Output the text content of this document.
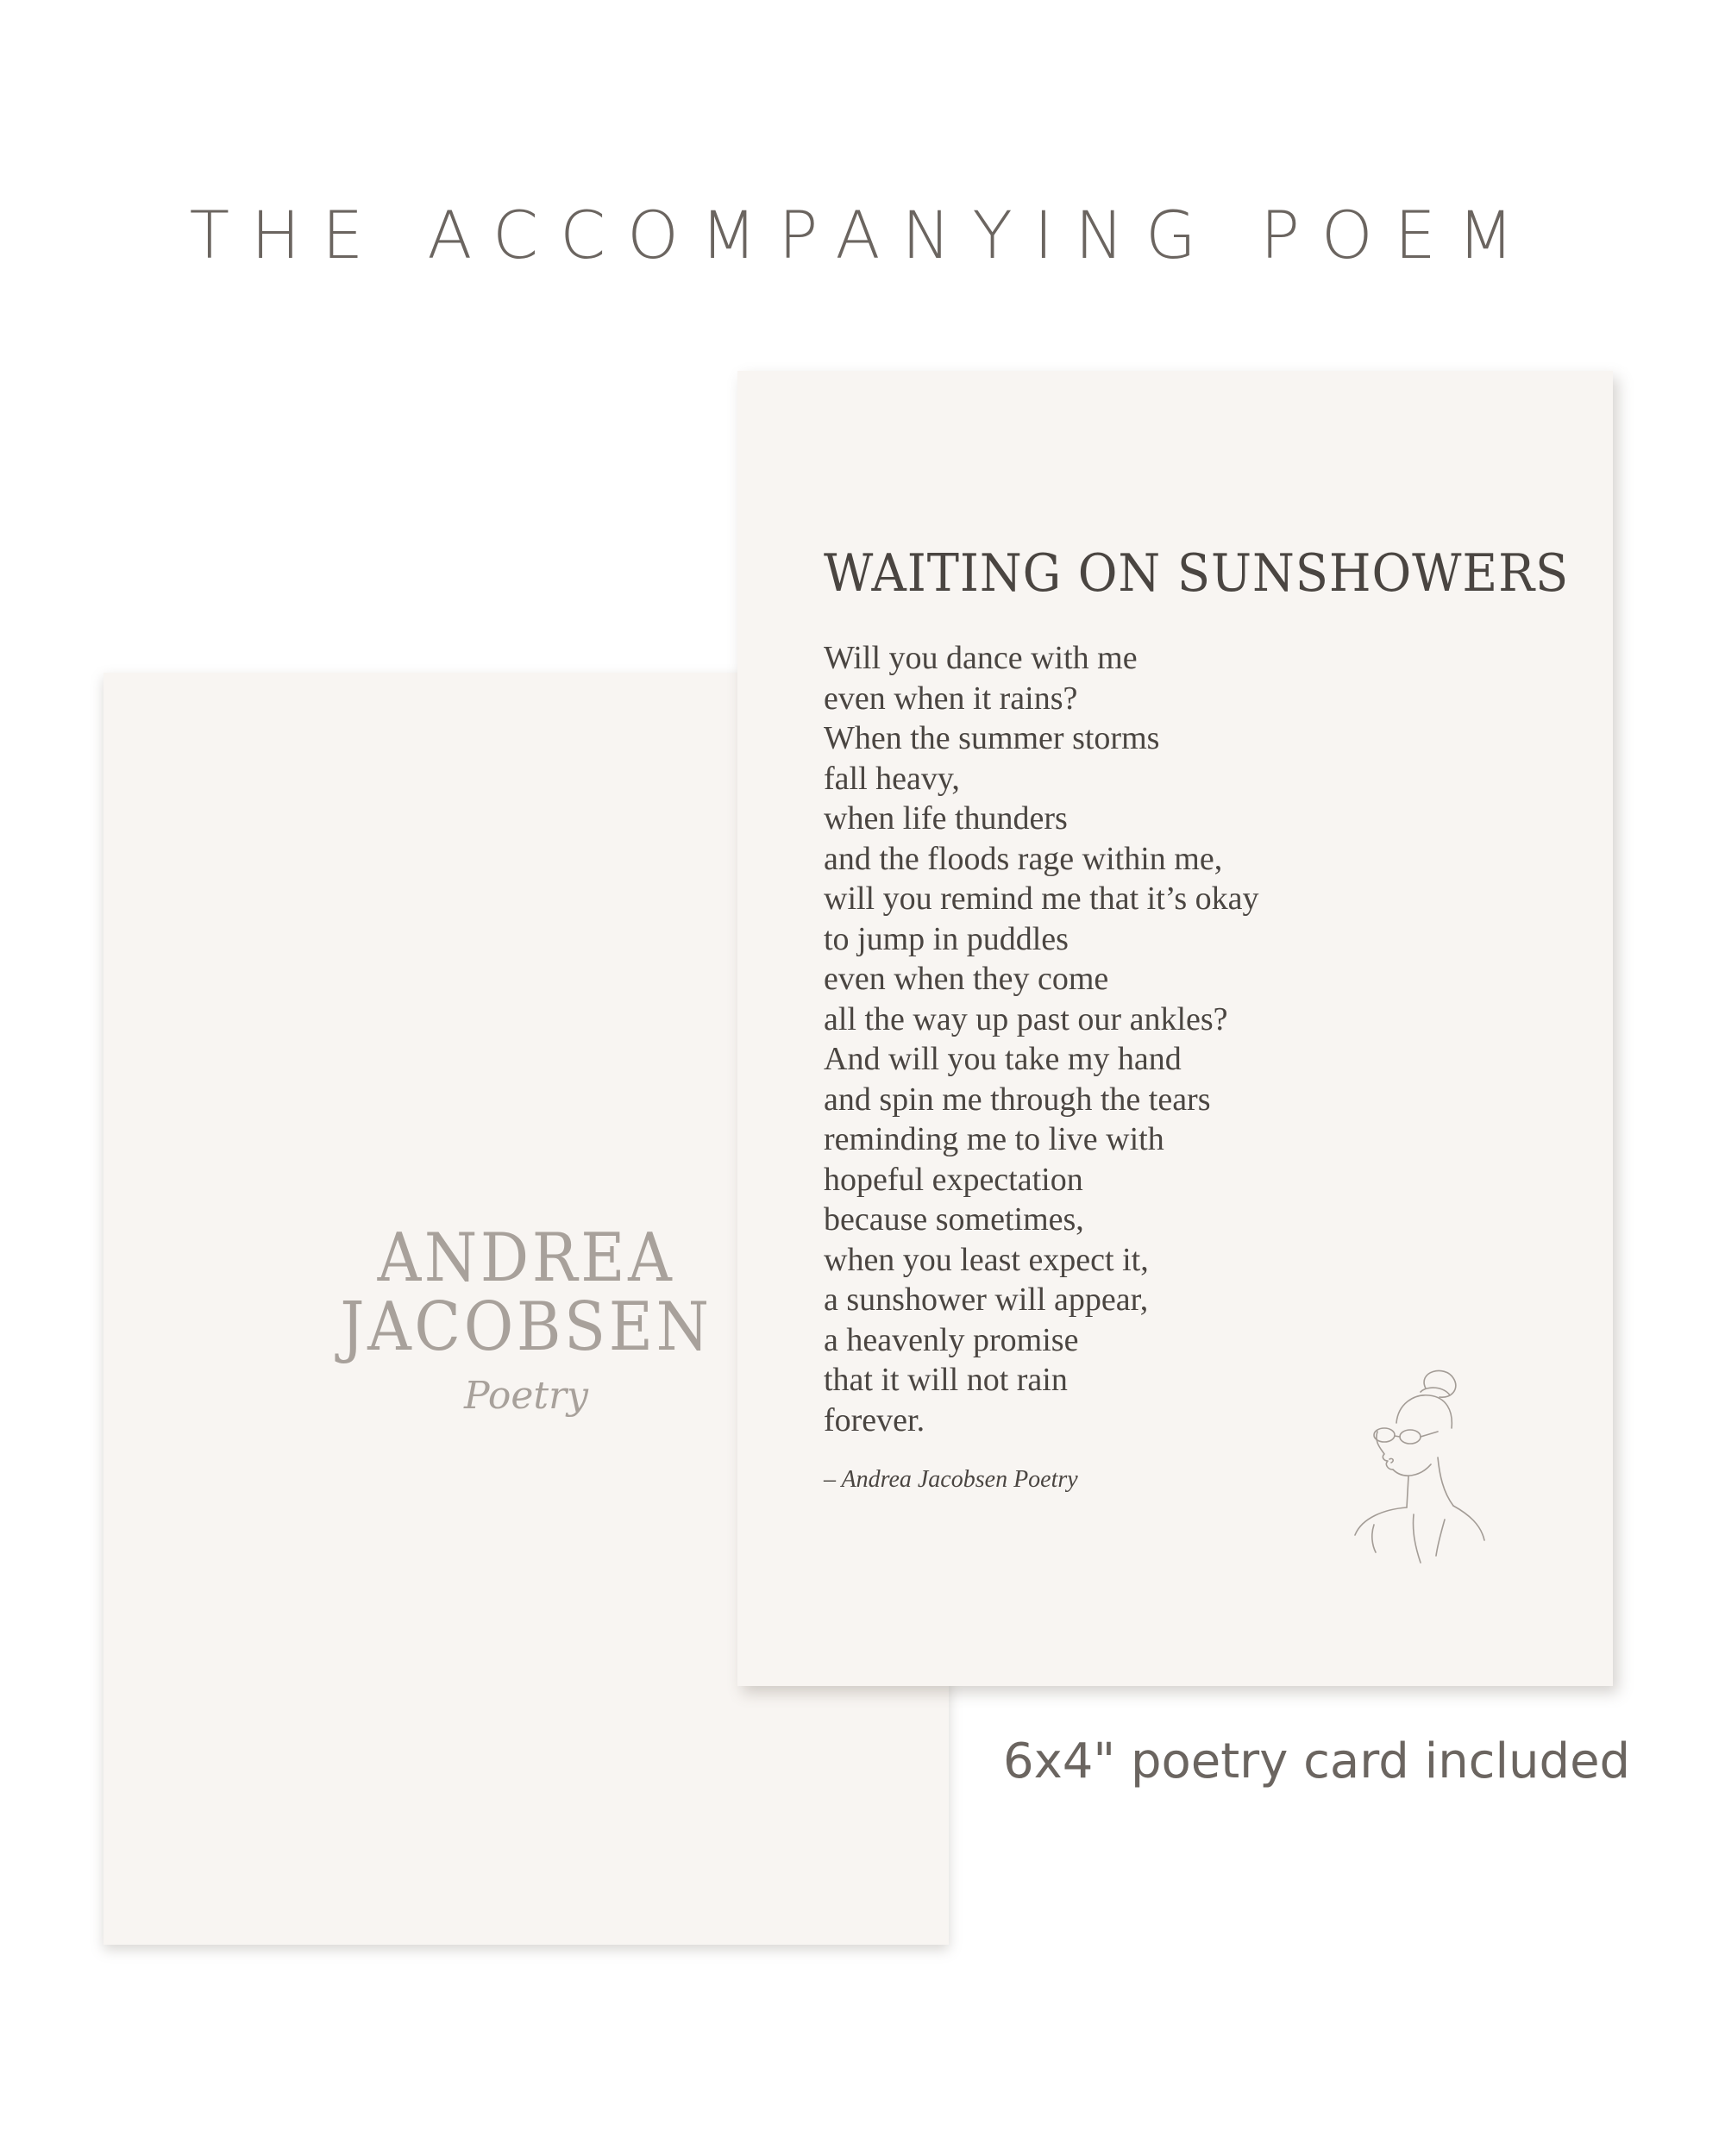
THE ACCOMPANYING POEM
ANDREA
JACOBSEN
Poetry
WAITING ON SUNSHOWERS
Will you dance with me
even when it rains?
When the summer storms
fall heavy,
when life thunders
and the floods rage within me,
will you remind me that it’s okay
to jump in puddles
even when they come
all the way up past our ankles?
And will you take my hand
and spin me through the tears
reminding me to live with
hopeful expectation
because sometimes,
when you least expect it,
a sunshower will appear,
a heavenly promise
that it will not rain
forever.
– Andrea Jacobsen Poetry
6x4" poetry card included
